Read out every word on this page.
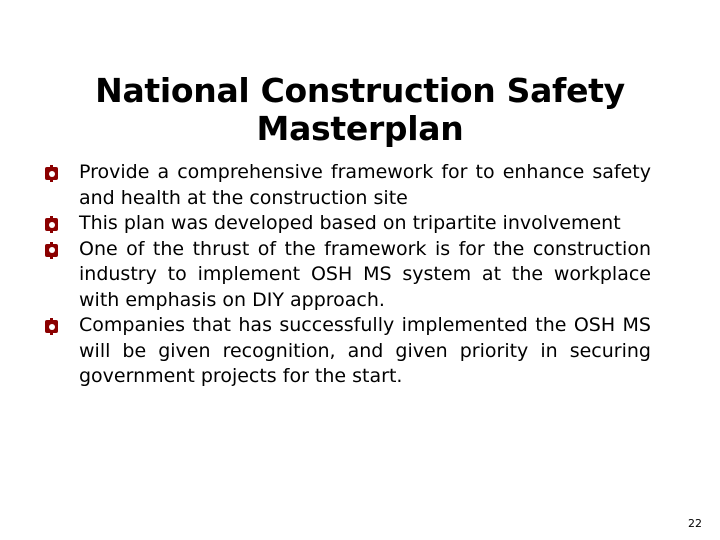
National Construction Safety
Masterplan
Provide a comprehensive framework for to enhance safety and health at the construction site
This plan was developed based on tripartite involvement
One of the thrust of the framework is for the construction industry to implement OSH MS system at the workplace with emphasis on DIY approach.
Companies that has successfully implemented the OSH MS will be given recognition, and given priority in securing government projects for the start.
22
